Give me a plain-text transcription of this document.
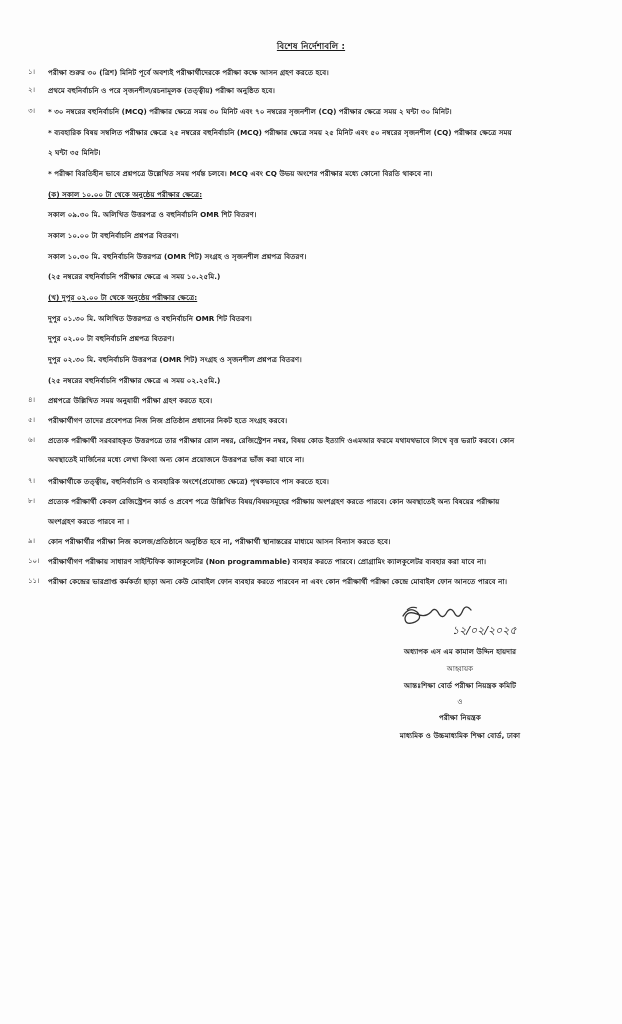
বিশেষ নির্দেশাবলি :
১।	পরীক্ষা শুরুর ৩০ (ত্রিশ) মিনিট পূর্বে অবশ্যই পরীক্ষার্থীদেরকে পরীক্ষা কক্ষে আসন গ্রহণ করতে হবে।
২।	প্রথমে বহুনির্বাচনি ও পরে সৃজনশীল/রচনামূলক (তত্ত্বীয়) পরীক্ষা অনুষ্ঠিত হবে।
৩।	* ৩০ নম্বরের বহুনির্বাচনি (MCQ) পরীক্ষার ক্ষেত্রে সময় ৩০ মিনিট এবং ৭০ নম্বরের সৃজনশীল (CQ) পরীক্ষার ক্ষেত্রে সময় ২ ঘন্টা ৩০ মিনিট।
* ব্যবহারিক বিষয় সম্বলিত পরীক্ষার ক্ষেত্রে ২৫ নম্বরের বহুনির্বাচনি (MCQ) পরীক্ষার ক্ষেত্রে সময় ২৫ মিনিট এবং ৫০ নম্বরের সৃজনশীল (CQ) পরীক্ষার ক্ষেত্রে সময়
২ ঘন্টা ৩৫ মিনিট।
* পরীক্ষা বিরতিহীন ভাবে প্রশ্নপত্রে উল্লেখিত সময় পর্যন্ত চলবে। MCQ এবং CQ উভয় অংশের পরীক্ষার মধ্যে কোনো বিরতি থাকবে না।
(ক) সকাল ১০.০০ টা থেকে অনুষ্ঠেয় পরীক্ষার ক্ষেত্রে:
সকাল ০৯.৩০ মি. অলিখিত উত্তরপত্র ও বহুনির্বাচনি OMR শিট বিতরণ।
সকাল ১০.০০ টা বহুনির্বাচনি প্রশ্নপত্র বিতরণ।
সকাল ১০.৩০ মি. বহুনির্বাচনি উত্তরপত্র (OMR শিট) সংগ্রহ ও সৃজনশীল প্রশ্নপত্র বিতরণ।
(২৫ নম্বরের বহুনির্বাচনি পরীক্ষার ক্ষেত্রে এ সময় ১০.২৫মি.)
(খ) দুপুর ০২.০০ টা থেকে অনুষ্ঠেয় পরীক্ষার ক্ষেত্রে:
দুপুর ০১.৩০ মি. অলিখিত উত্তরপত্র ও বহুনির্বাচনি OMR শিট বিতরণ।
দুপুর ০২.০০ টা বহুনির্বাচনি প্রশ্নপত্র বিতরণ।
দুপুর ০২.৩০ মি. বহুনির্বাচনি উত্তরপত্র (OMR শিট) সংগ্রহ ও সৃজনশীল প্রশ্নপত্র বিতরণ।
(২৫ নম্বরের বহুনির্বাচনি পরীক্ষার ক্ষেত্রে এ সময় ০২.২৫মি.)
৪।	প্রশ্নপত্রে উল্লিখিত সময় অনুযায়ী পরীক্ষা গ্রহণ করতে হবে।
৫।	পরীক্ষার্থীগণ তাদের প্রবেশপত্র নিজ নিজ প্রতিষ্ঠান প্রধানের নিকট হতে সংগ্রহ করবে।
৬।	প্রত্যেক পরীক্ষার্থী সরবরাহকৃত উত্তরপত্রে তার পরীক্ষার রোল নম্বর, রেজিস্ট্রেশন নম্বর, বিষয় কোড ইত্যাদি ওএমআর ফরমে যথাযথভাবে লিখে বৃত্ত ভরাট করবে। কোন
অবস্থাতেই মার্জিনের মধ্যে লেখা কিংবা অন্য কোন প্রয়োজনে উত্তরপত্র ভাঁজ করা যাবে না।
৭।	পরীক্ষার্থীকে তত্ত্বীয়, বহুনির্বাচনি ও ব্যবহারিক অংশে(প্রযোজ্য ক্ষেত্রে) পৃথকভাবে পাস করতে হবে।
৮।	প্রত্যেক পরীক্ষার্থী কেবল রেজিস্ট্রেশন কার্ড ও প্রবেশ পত্রে উল্লিখিত বিষয়/বিষয়সমূহের পরীক্ষায় অংশগ্রহণ করতে পারবে। কোন অবস্থাতেই অন্য বিষয়ের পরীক্ষায়
অংশগ্রহণ করতে পারবে না ।
৯।	কোন পরীক্ষার্থীর পরীক্ষা নিজ কলেজ/প্রতিষ্ঠানে অনুষ্ঠিত হবে না, পরীক্ষার্থী স্থানান্তরের মাধ্যমে আসন বিন্যাস করতে হবে।
১০।	পরীক্ষার্থীগণ পরীক্ষায় সাধারণ সাইন্টিফিক ক্যালকুলেটর (Non programmable) ব্যবহার করতে পারবে। প্রোগ্রামিং ক্যালকুলেটর ব্যবহার করা যাবে না।
১১।	পরীক্ষা কেন্দ্রের ভারপ্রাপ্ত কর্মকর্তা ছাড়া অন্য কেউ মোবাইল ফোন ব্যবহার করতে পারবেন না এবং কোন পরীক্ষার্থী পরীক্ষা কেন্দ্রে মোবাইল ফোন আনতে পারবে না।
১২/০২/২০২৫
অধ্যাপক এস এম কামাল উদ্দিন হায়দার
আহ্বায়ক
আন্তঃশিক্ষা বোর্ড পরীক্ষা নিয়ন্ত্রক কমিটি
ও
পরীক্ষা নিয়ন্ত্রক
মাধ্যমিক ও উচ্চমাধ্যমিক শিক্ষা বোর্ড, ঢাকা
